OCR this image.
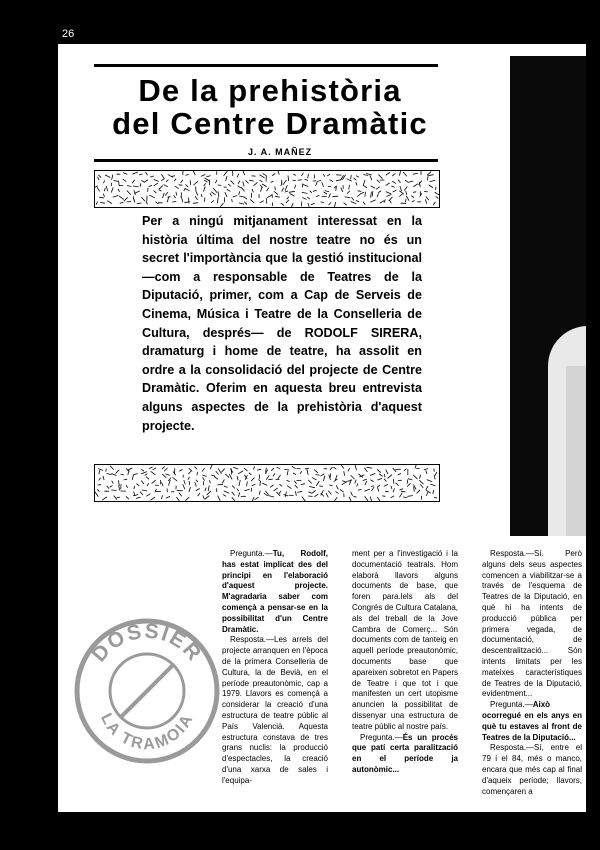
26
De la prehistòria
del Centre Dramàtic
J. A. MAÑEZ

Per a ningú mitjanament interessat en la història última del nostre teatre no és un secret l'importància que la gestió institucional —com a responsable de Teatres de la Diputació, primer, com a Cap de Serveis de Cinema, Música i Teatre de la Conselleria de Cultura, després— de RODOLF SIRERA, dramaturg i home de teatre, ha assolit en ordre a la consolidació del projecte de Centre Dramàtic. Oferim en aquesta breu entrevista alguns aspectes de la prehistòria d'aquest projecte.

DOSSIER
LA TRAMOIA

Pregunta.—Tu, Rodolf, has estat implicat des del principi en l'elaboració d'aquest projecte. M'agradaria saber com començà a pensar-se en la possibilitat d'un Centre Dramàtic.

Resposta.—Les arrels del projecte arranquen en l'època de la primera Conselleria de Cultura, la de Bevià, en el període preautonòmic, cap a 1979. Llavors es començà a considerar la creació d'una estructura de teatre públic al País Valencià. Aquesta estructura constava de tres grans nuclis: la producció d'espectacles, la creació d'una xarxa de sales i l'equipa-

ment per a l'investigació i la documentació teatrals. Hom elaborà llavors alguns documents de base, que foren para.lels als del Congrés de Cultura Catalana, als del treball de la Jove Cambra de Comerç... Són documents com de tanteig en aquell període preautonòmic, documents base que apareixen sobretot en Papers de Teatre i que tot i que manifesten un cert utopisme anuncien la possibilitat de dissenyar una estructura de teatre públic al nostre país.

Pregunta.—És un procés que patí certa paralització en el període ja autonòmic...

Resposta.—Sí. Però alguns dels seus aspectes comencen a viabilitzar-se a través de l'esquema de Teatres de la Diputació, en què hi ha intents de producció pública per primera vegada, de documentació, de descentralització... Són intents limitats per les mateixes característiques de Teatres de la Diputació, evidentment...

Pregunta.—Això ocorregué en els anys en què tu estaves al front de Teatres de la Diputació...

Resposta.—Sí, entre el 79 i el 84, més o manco, encara que més cap al final d'aqueix període; llavors, començaren a
